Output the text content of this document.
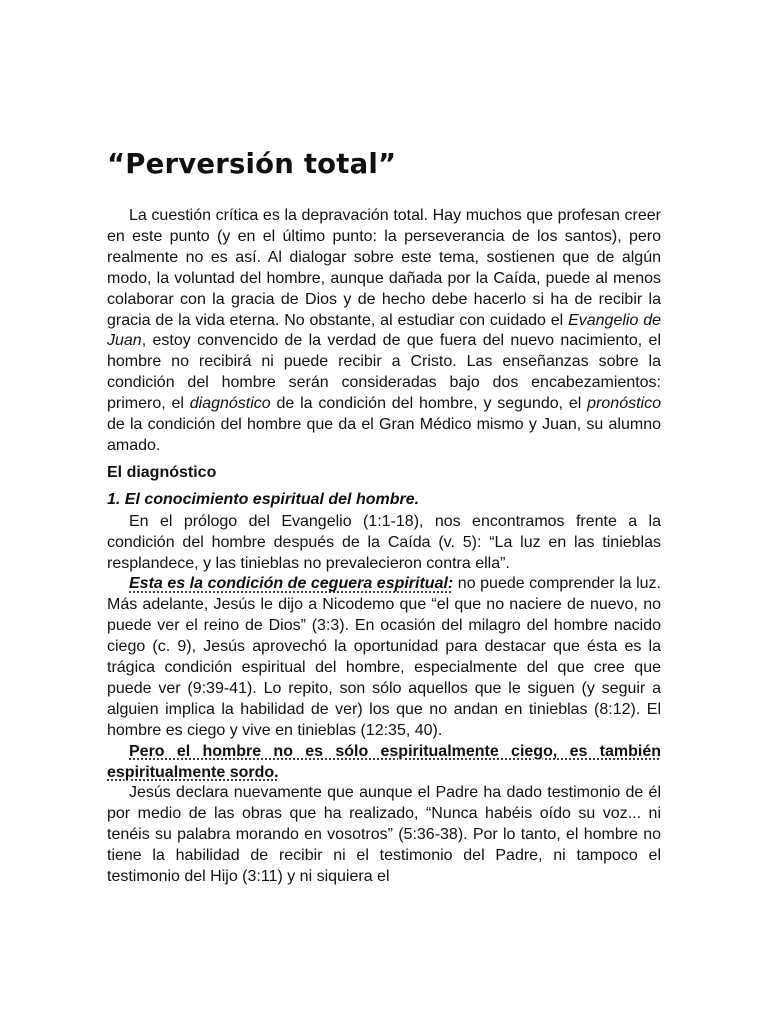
“Perversión total”

La cuestión crítica es la depravación total. Hay muchos que profesan creer en este punto (y en el último punto: la perseverancia de los santos), pero realmente no es así. Al dialogar sobre este tema, sostienen que de algún modo, la voluntad del hombre, aunque dañada por la Caída, puede al menos colaborar con la gracia de Dios y de hecho debe hacerlo si ha de recibir la gracia de la vida eterna. No obstante, al estudiar con cuidado el Evangelio de Juan, estoy convencido de la verdad de que fuera del nuevo nacimiento, el hombre no recibirá ni puede recibir a Cristo. Las enseñanzas sobre la condición del hombre serán consideradas bajo dos encabezamientos: primero, el diagnóstico de la condición del hombre, y segundo, el pronóstico de la condición del hombre que da el Gran Médico mismo y Juan, su alumno amado.

El diagnóstico
1. El conocimiento espiritual del hombre.

En el prólogo del Evangelio (1:1-18), nos encontramos frente a la condición del hombre después de la Caída (v. 5): “La luz en las tinieblas resplandece, y las tinieblas no prevalecieron contra ella”.

Esta es la condición de ceguera espiritual: no puede comprender la luz. Más adelante, Jesús le dijo a Nicodemo que “el que no naciere de nuevo, no puede ver el reino de Dios” (3:3). En ocasión del milagro del hombre nacido ciego (c. 9), Jesús aprovechó la oportunidad para destacar que ésta es la trágica condición espiritual del hombre, especialmente del que cree que puede ver (9:39-41). Lo repito, son sólo aquellos que le siguen (y seguir a alguien implica la habilidad de ver) los que no andan en tinieblas (8:12). El hombre es ciego y vive en tinieblas (12:35, 40).

Pero el hombre no es sólo espiritualmente ciego, es también espiritualmente sordo.

Jesús declara nuevamente que aunque el Padre ha dado testimonio de él por medio de las obras que ha realizado, “Nunca habéis oído su voz... ni tenéis su palabra morando en vosotros” (5:36-38). Por lo tanto, el hombre no tiene la habilidad de recibir ni el testimonio del Padre, ni tampoco el testimonio del Hijo (3:11) y ni siquiera el
